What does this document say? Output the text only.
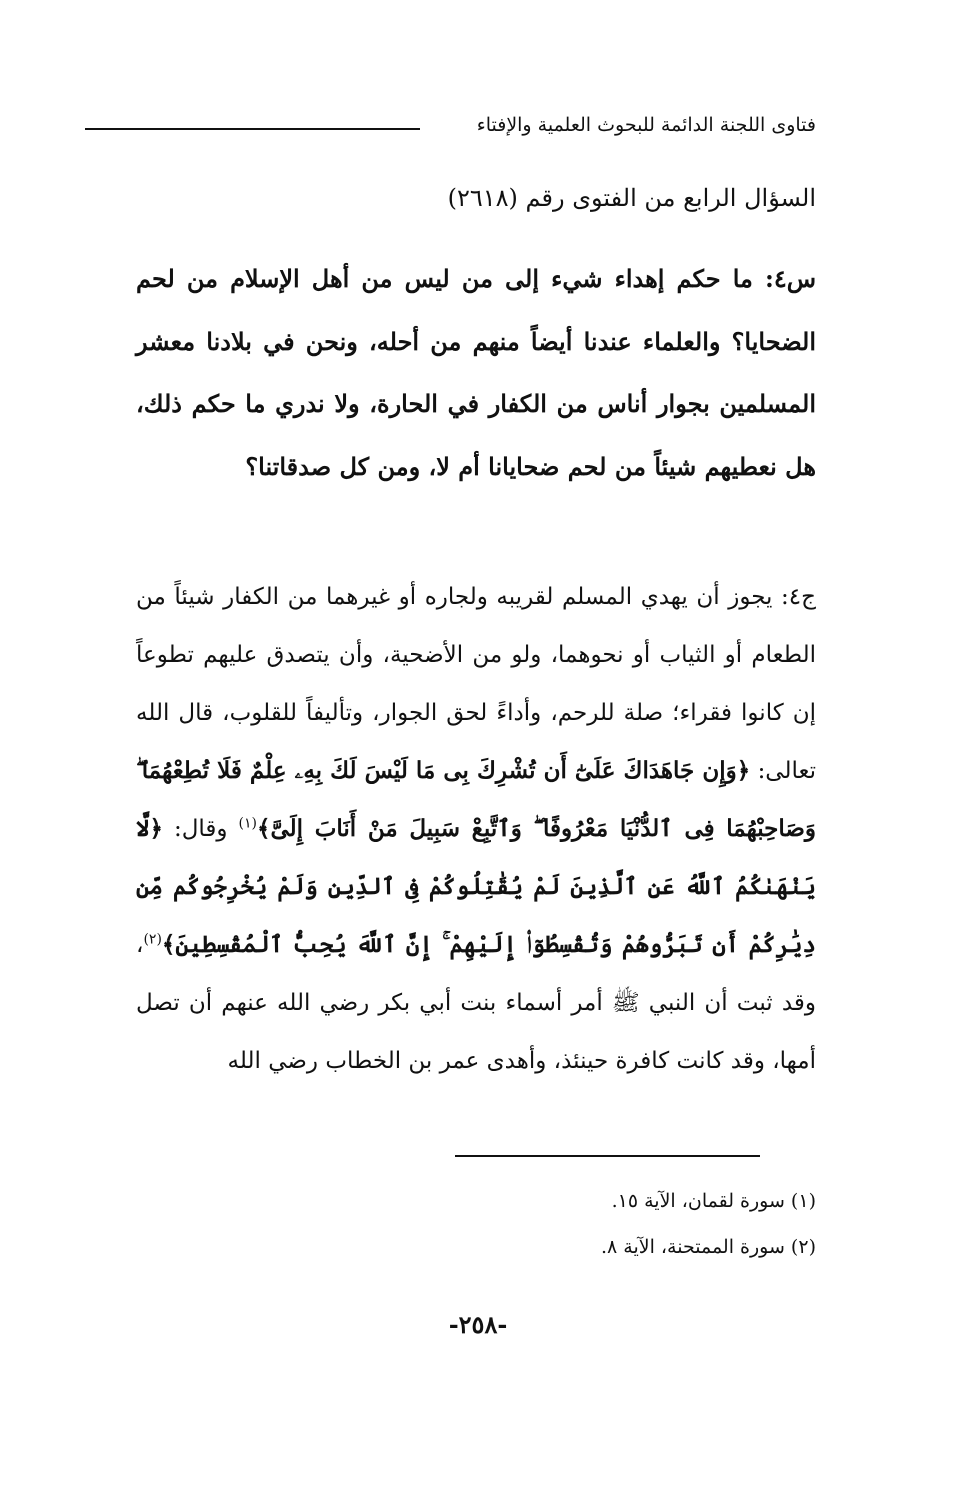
فتاوى اللجنة الدائمة للبحوث العلمية والإفتاء
السؤال الرابع من الفتوى رقم (٢٦١٨)
س٤: ما حكم إهداء شيء إلى من ليس من أهل الإسلام من لحم الضحايا؟ والعلماء عندنا أيضاً منهم من أحله، ونحن في بلادنا معشر المسلمين بجوار أناس من الكفار في الحارة، ولا ندري ما حكم ذلك، هل نعطيهم شيئاً من لحم ضحايانا أم لا، ومن كل صدقاتنا؟
ج٤: يجوز أن يهدي المسلم لقريبه ولجاره أو غيرهما من الكفار شيئاً من الطعام أو الثياب أو نحوهما، ولو من الأضحية، وأن يتصدق عليهم تطوعاً إن كانوا فقراء؛ صلة للرحم، وأداءً لحق الجوار، وتأليفاً للقلوب، قال الله تعالى: ﴿وَإِن جَاهَدَاكَ عَلَىٰٓ أَن تُشْرِكَ بِى مَا لَيْسَ لَكَ بِهِۦ عِلْمٌ فَلَا تُطِعْهُمَا ۖ وَصَاحِبْهُمَا فِى ٱلدُّنْيَا مَعْرُوفًا ۖ وَٱتَّبِعْ سَبِيلَ مَنْ أَنَابَ إِلَىَّ﴾$^{(١)}$ وقال: ﴿لَّا يَنْهَىٰكُمُ ٱللَّهُ عَنِ ٱلَّذِينَ لَمْ يُقَٰتِلُوكُمْ فِى ٱلدِّينِ وَلَمْ يُخْرِجُوكُم مِّن دِيَٰرِكُمْ أَن تَبَرُّوهُمْ وَتُقْسِطُوٓا۟ إِلَيْهِمْ ۚ إِنَّ ٱللَّهَ يُحِبُّ ٱلْمُقْسِطِينَ﴾$^{(٢)}$، وقد ثبت أن النبي ﷺ أمر أسماء بنت أبي بكر رضي الله عنهم أن تصل أمها، وقد كانت كافرة حينئذ، وأهدى عمر بن الخطاب رضي الله
(١) سورة لقمان، الآية ١٥.
(٢) سورة الممتحنة، الآية ٨.
-٢٥٨-
